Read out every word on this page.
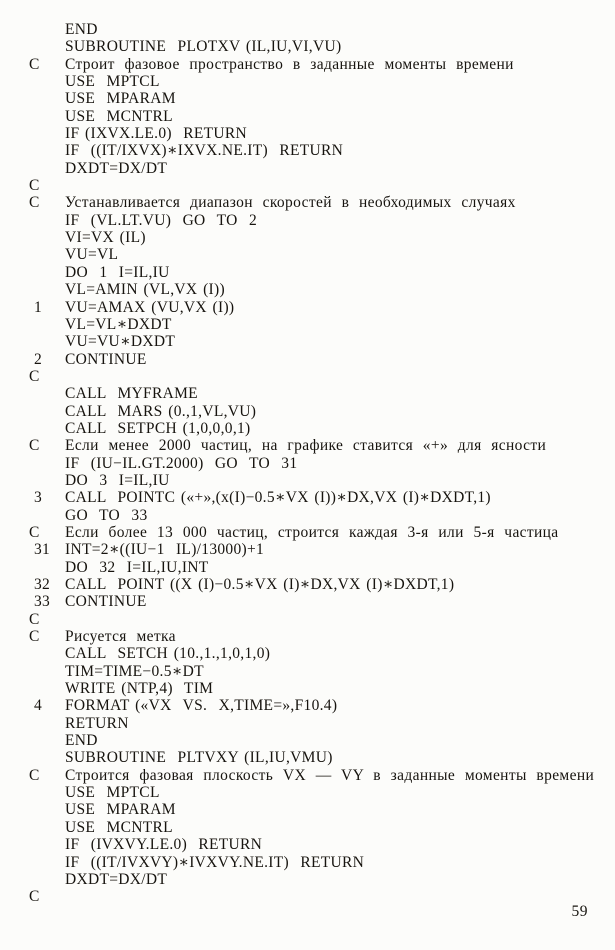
END
SUBROUTINE  PLOTXV (IL,IU,VI,VU)
C Строит фазовое пространство в заданные моменты времени
USE  MPTCL
USE  MPARAM
USE  MCNTRL
IF (IXVX.LE.0)  RETURN
IF  ((IT/IXVX)∗IXVX.NE.IT)  RETURN
DXDT=DX/DT
C
C Устанавливается диапазон скоростей в необходимых случаях
IF  (VL.LT.VU)  GO  TO  2
VI=VX (IL)
VU=VL
DO  1  I=IL,IU
VL=AMIN (VL,VX (I))
1 VU=AMAX (VU,VX (I))
VL=VL∗DXDT
VU=VU∗DXDT
2 CONTINUE
C
CALL  MYFRAME
CALL  MARS (0.,1,VL,VU)
CALL  SETPCH (1,0,0,0,1)
C Если менее 2000 частиц, на графике ставится «+» для ясности
IF  (IU−IL.GT.2000)  GO  TO  31
DO  3  I=IL,IU
3 CALL  POINTC («+»,(x(I)−0.5∗VX (I))∗DX,VX (I)∗DXDT,1)
GO  TO  33
C Если более 13 000 частиц, строится каждая 3-я или 5-я частица
31 INT=2∗((IU−1  IL)/13000)+1
DO  32  I=IL,IU,INT
32 CALL  POINT ((X (I)−0.5∗VX (I)∗DX,VX (I)∗DXDT,1)
33 CONTINUE
C
C Рисуется метка
CALL  SETCH (10.,1.,1,0,1,0)
TIM=TIME−0.5∗DT
WRITE (NTP,4)  TIM
4 FORMAT («VX  VS.  X,TIME=»,F10.4)
RETURN
END
SUBROUTINE  PLTVXY (IL,IU,VMU)
C Строится фазовая плоскость VX — VY в заданные моменты времени
USE  MPTCL
USE  MPARAM
USE  MCNTRL
IF  (IVXVY.LE.0)  RETURN
IF  ((IT/IVXVY)∗IVXVY.NE.IT)  RETURN
DXDT=DX/DT
C
59
